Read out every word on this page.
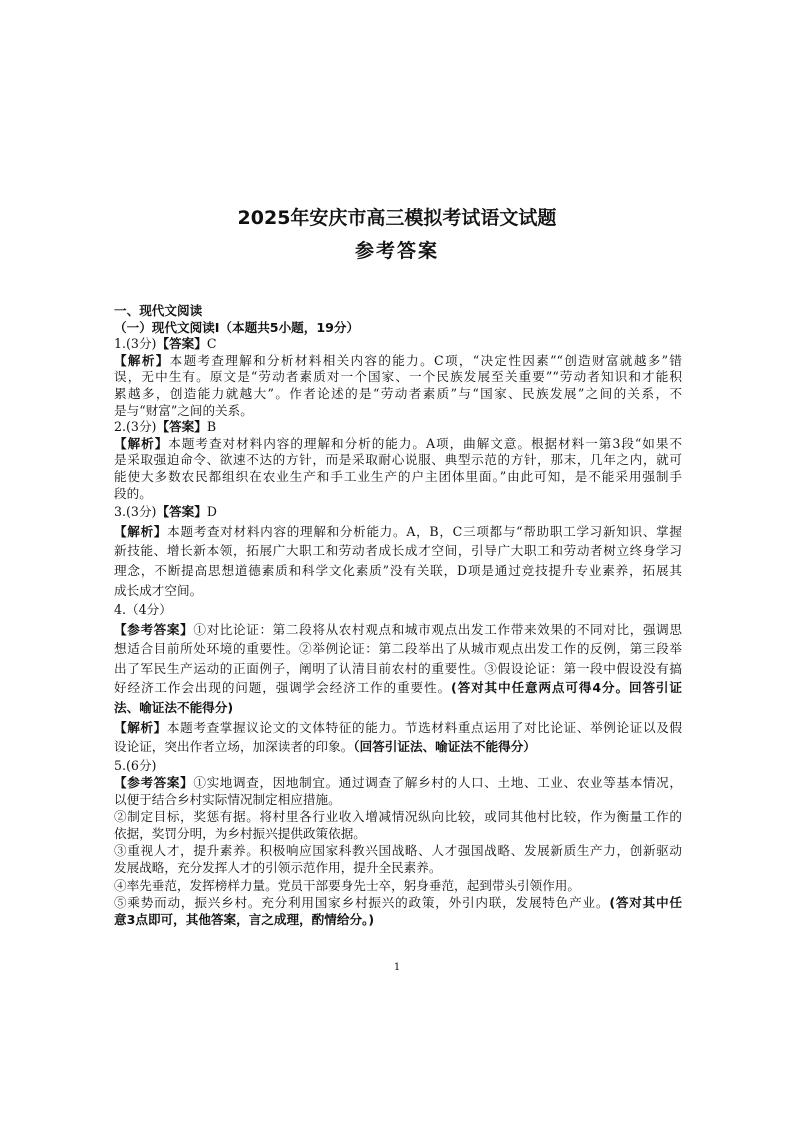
2025年安庆市高三模拟考试语文试题
参考答案
一、现代文阅读
（一）现代文阅读Ⅰ（本题共5小题，19分）
1.(3分)【答案】C
【解析】本题考查理解和分析材料相关内容的能力。C项，“决定性因素”“创造财富就越多”错
误，无中生有。原文是“劳动者素质对一个国家、一个民族发展至关重要”“劳动者知识和才能积
累越多，创造能力就越大”。作者论述的是“劳动者素质”与“国家、民族发展”之间的关系，不
是与“财富”之间的关系。
2.(3分)【答案】B
【解析】本题考查对材料内容的理解和分析的能力。A项，曲解文意。根据材料一第3段“如果不
是采取强迫命令、欲速不达的方针，而是采取耐心说服、典型示范的方针，那末，几年之内，就可
能使大多数农民都组织在农业生产和手工业生产的户主团体里面。”由此可知，是不能采用强制手
段的。
3.(3分)【答案】D
【解析】本题考查对材料内容的理解和分析能力。A，B，C三项都与“帮助职工学习新知识、掌握
新技能、增长新本领，拓展广大职工和劳动者成长成才空间，引导广大职工和劳动者树立终身学习
理念，不断提高思想道德素质和科学文化素质”没有关联，D项是通过竞技提升专业素养，拓展其
成长成才空间。
4.（4分）
【参考答案】①对比论证：第二段将从农村观点和城市观点出发工作带来效果的不同对比，强调思
想适合目前所处环境的重要性。②举例论证：第二段举出了从城市观点出发工作的反例，第三段举
出了军民生产运动的正面例子，阐明了认清目前农村的重要性。③假设论证：第一段中假设没有搞
好经济工作会出现的问题，强调学会经济工作的重要性。(答对其中任意两点可得4分。回答引证
法、喻证法不能得分)
【解析】本题考查掌握议论文的文体特征的能力。节选材料重点运用了对比论证、举例论证以及假
设论证，突出作者立场，加深读者的印象。（回答引证法、喻证法不能得分）
5.(6分)
【参考答案】①实地调查，因地制宜。通过调查了解乡村的人口、土地、工业、农业等基本情况，
以便于结合乡村实际情况制定相应措施。
②制定目标，奖惩有据。将村里各行业收入增减情况纵向比较，或同其他村比较，作为衡量工作的
依据，奖罚分明，为乡村振兴提供政策依据。
③重视人才，提升素养。积极响应国家科教兴国战略、人才强国战略、发展新质生产力，创新驱动
发展战略，充分发挥人才的引领示范作用，提升全民素养。
④率先垂范，发挥榜样力量。党员干部要身先士卒，躬身垂范，起到带头引领作用。
⑤乘势而动，振兴乡村。充分利用国家乡村振兴的政策，外引内联，发展特色产业。(答对其中任
意3点即可，其他答案，言之成理，酌情给分。)
1
